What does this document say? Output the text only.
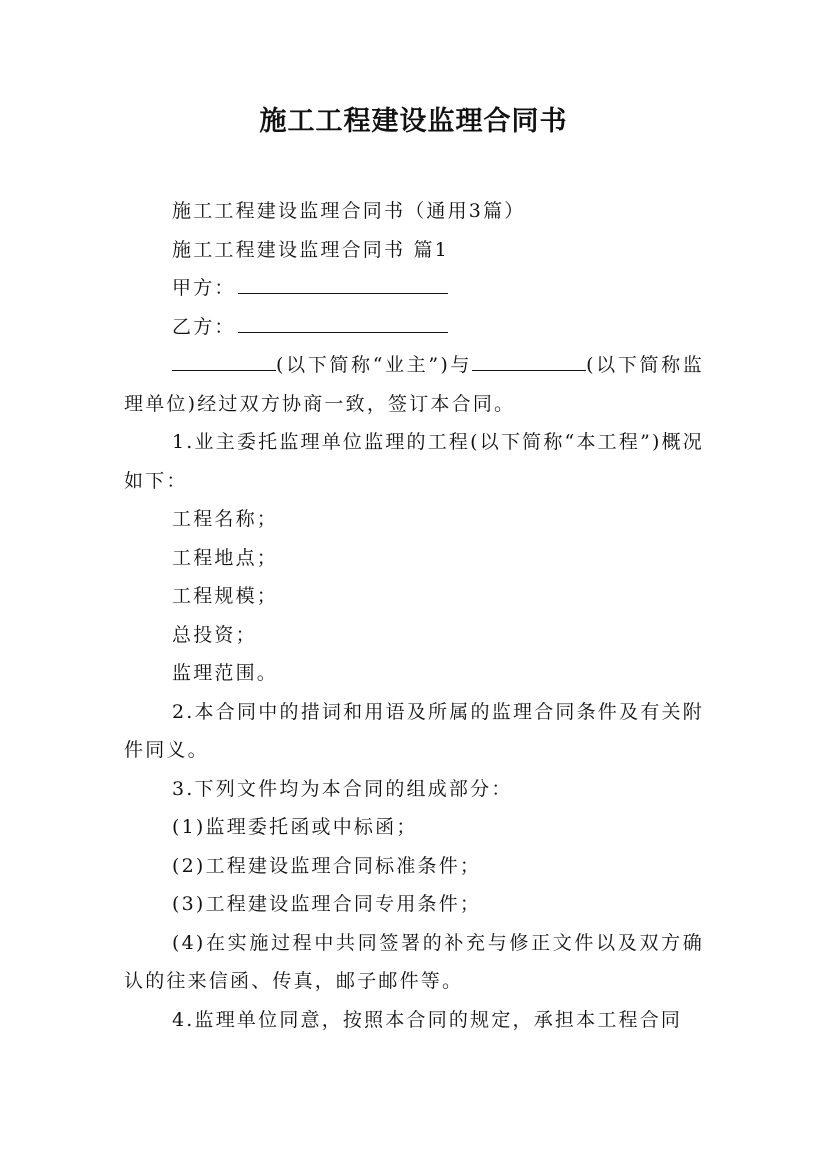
施工工程建设监理合同书

施工工程建设监理合同书（通用3篇）

施工工程建设监理合同书 篇1

甲方：

乙方：

(以下简称“业主”)与	(以下简称监理单位)经过双方协商一致，签订本合同。

1.业主委托监理单位监理的工程(以下简称“本工程”)概况如下：

工程名称；

工程地点；

工程规模；

总投资；

监理范围。

2.本合同中的措词和用语及所属的监理合同条件及有关附件同义。

3.下列文件均为本合同的组成部分：

(1)监理委托函或中标函；

(2)工程建设监理合同标准条件；

(3)工程建设监理合同专用条件；

(4)在实施过程中共同签署的补充与修正文件以及双方确认的往来信函、传真，邮子邮件等。

4.监理单位同意，按照本合同的规定，承担本工程合同
